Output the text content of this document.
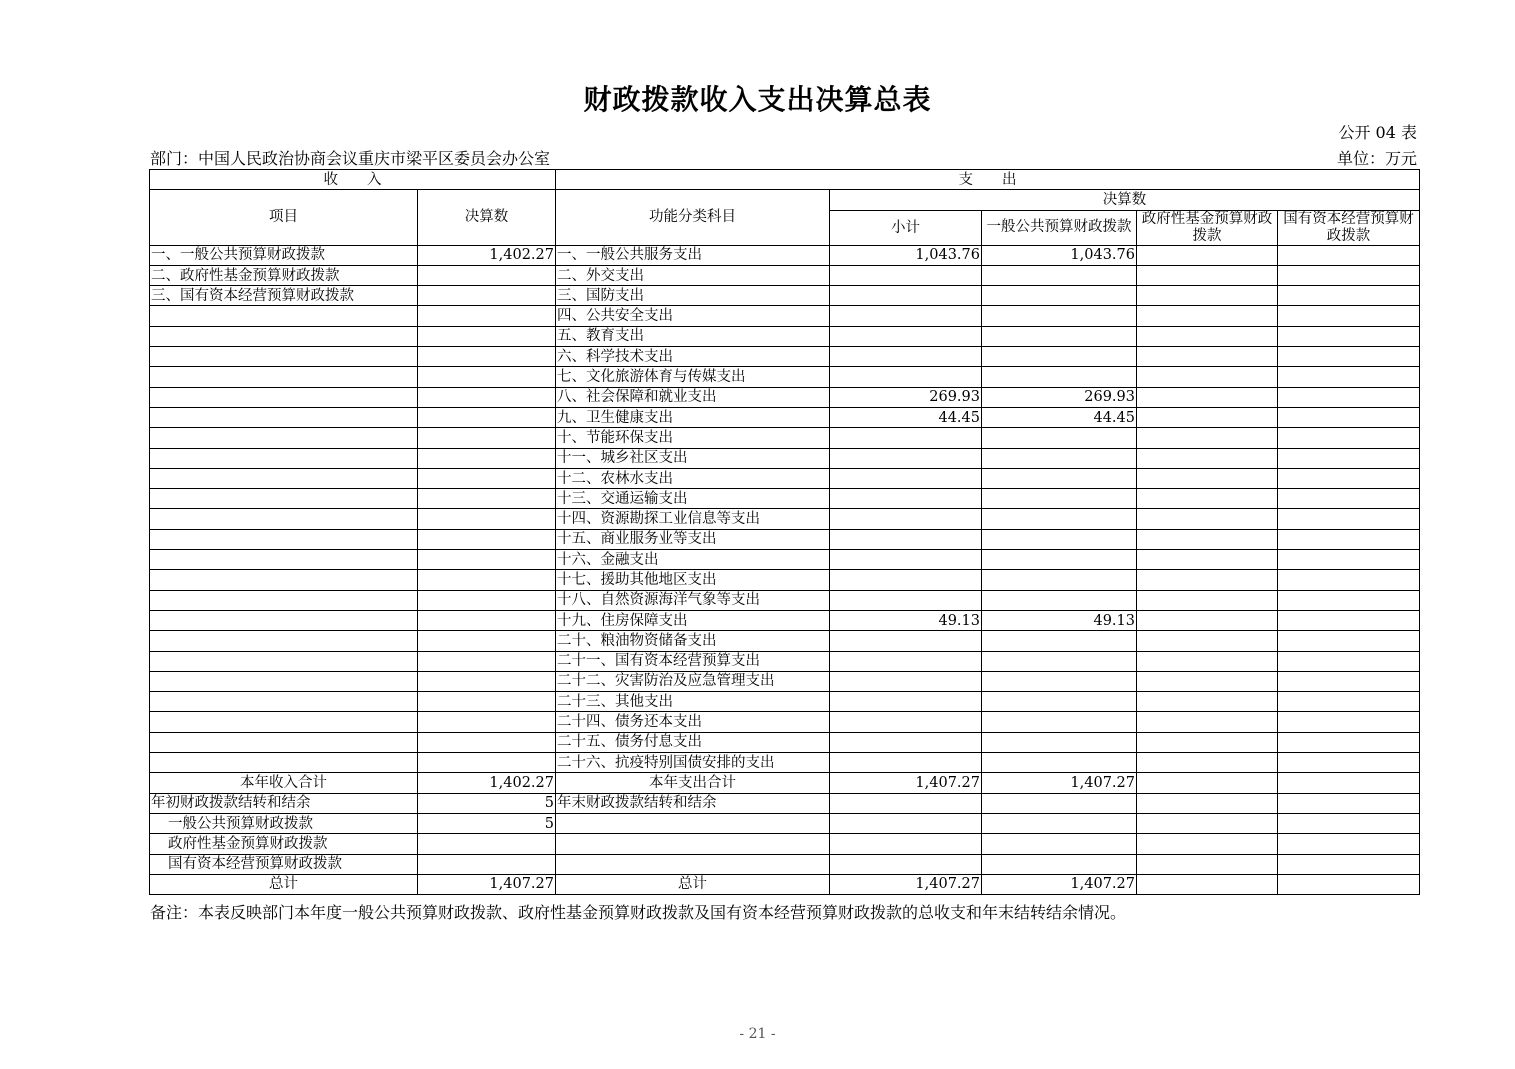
财政拨款收入支出决算总表
公开 04 表
部门：中国人民政治协商会议重庆市梁平区委员会办公室	单位：万元
收　　入		支　　出				
项目	决算数	功能分类科目	决算数			
			小计	一般公共预算财政拨款	政府性基金预算财政拨款	国有资本经营预算财政拨款

一、一般公共预算财政拨款	1,402.27	一、一般公共服务支出	1,043.76	1,043.76		
二、政府性基金预算财政拨款		二、外交支出				
三、国有资本经营预算财政拨款		三、国防支出				
		四、公共安全支出				
		五、教育支出				
		六、科学技术支出				
		七、文化旅游体育与传媒支出				
		八、社会保障和就业支出	269.93	269.93		
		九、卫生健康支出	44.45	44.45		
		十、节能环保支出				
		十一、城乡社区支出				
		十二、农林水支出				
		十三、交通运输支出				
		十四、资源勘探工业信息等支出				
		十五、商业服务业等支出				
		十六、金融支出				
		十七、援助其他地区支出				
		十八、自然资源海洋气象等支出				
		十九、住房保障支出	49.13	49.13		
		二十、粮油物资储备支出				
		二十一、国有资本经营预算支出				
		二十二、灾害防治及应急管理支出				
		二十三、其他支出				
		二十四、债务还本支出				
		二十五、债务付息支出				
		二十六、抗疫特别国债安排的支出				
本年收入合计	1,402.27	本年支出合计	1,407.27	1,407.27		
年初财政拨款结转和结余	5	年末财政拨款结转和结余				
一般公共预算财政拨款	5					
政府性基金预算财政拨款						
国有资本经营预算财政拨款						
总计	1,407.27	总计	1,407.27	1,407.27		
备注：本表反映部门本年度一般公共预算财政拨款、政府性基金预算财政拨款及国有资本经营预算财政拨款的总收支和年末结转结余情况。
- 21 -
